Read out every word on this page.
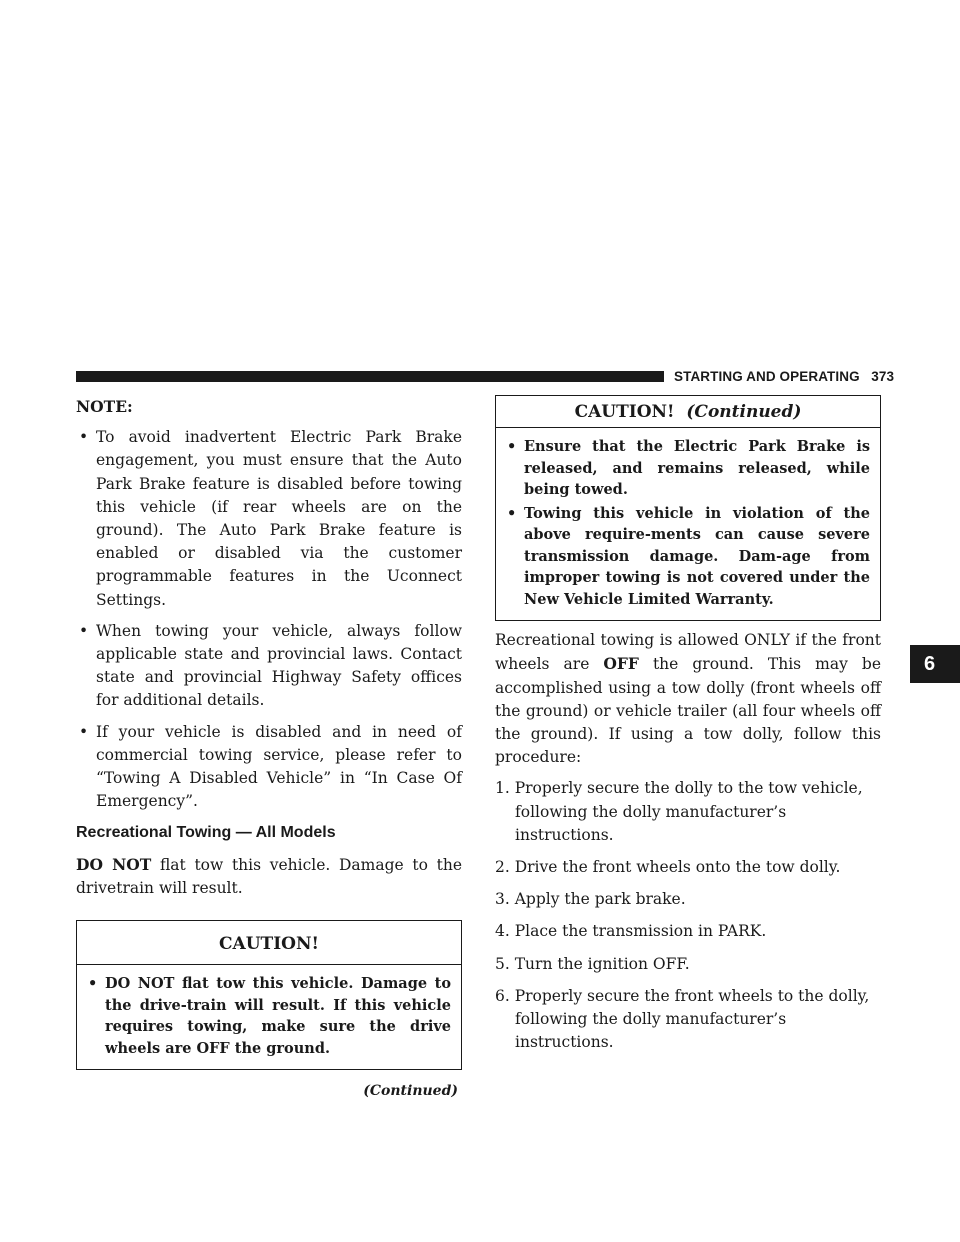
STARTING AND OPERATING 373
6
NOTE:
• To avoid inadvertent Electric Park Brake engagement, you must ensure that the Auto Park Brake feature is disabled before towing this vehicle (if rear wheels are on the ground). The Auto Park Brake feature is enabled or disabled via the customer programmable features in the Uconnect Settings.
• When towing your vehicle, always follow applicable state and provincial laws. Contact state and provincial Highway Safety offices for additional details.
• If your vehicle is disabled and in need of commercial towing service, please refer to “Towing A Disabled Vehicle” in “In Case Of Emergency”.
Recreational Towing — All Models

DO NOT flat tow this vehicle. Damage to the drivetrain will result.

CAUTION!
• DO NOT flat tow this vehicle. Damage to the drive-train will result. If this vehicle requires towing, make sure the drive wheels are OFF the ground.
(Continued)
CAUTION! (Continued)
• Ensure that the Electric Park Brake is released, and remains released, while being towed.
• Towing this vehicle in violation of the above require-ments can cause severe transmission damage. Dam-age from improper towing is not covered under the New Vehicle Limited Warranty.

Recreational towing is allowed ONLY if the front wheels are OFF the ground. This may be accomplished using a tow dolly (front wheels off the ground) or vehicle trailer (all four wheels off the ground). If using a tow dolly, follow this procedure:

1. Properly secure the dolly to the tow vehicle, following the dolly manufacturer’s instructions.
2. Drive the front wheels onto the tow dolly.
3. Apply the park brake.
4. Place the transmission in PARK.
5. Turn the ignition OFF.
6. Properly secure the front wheels to the dolly, following the dolly manufacturer’s instructions.
